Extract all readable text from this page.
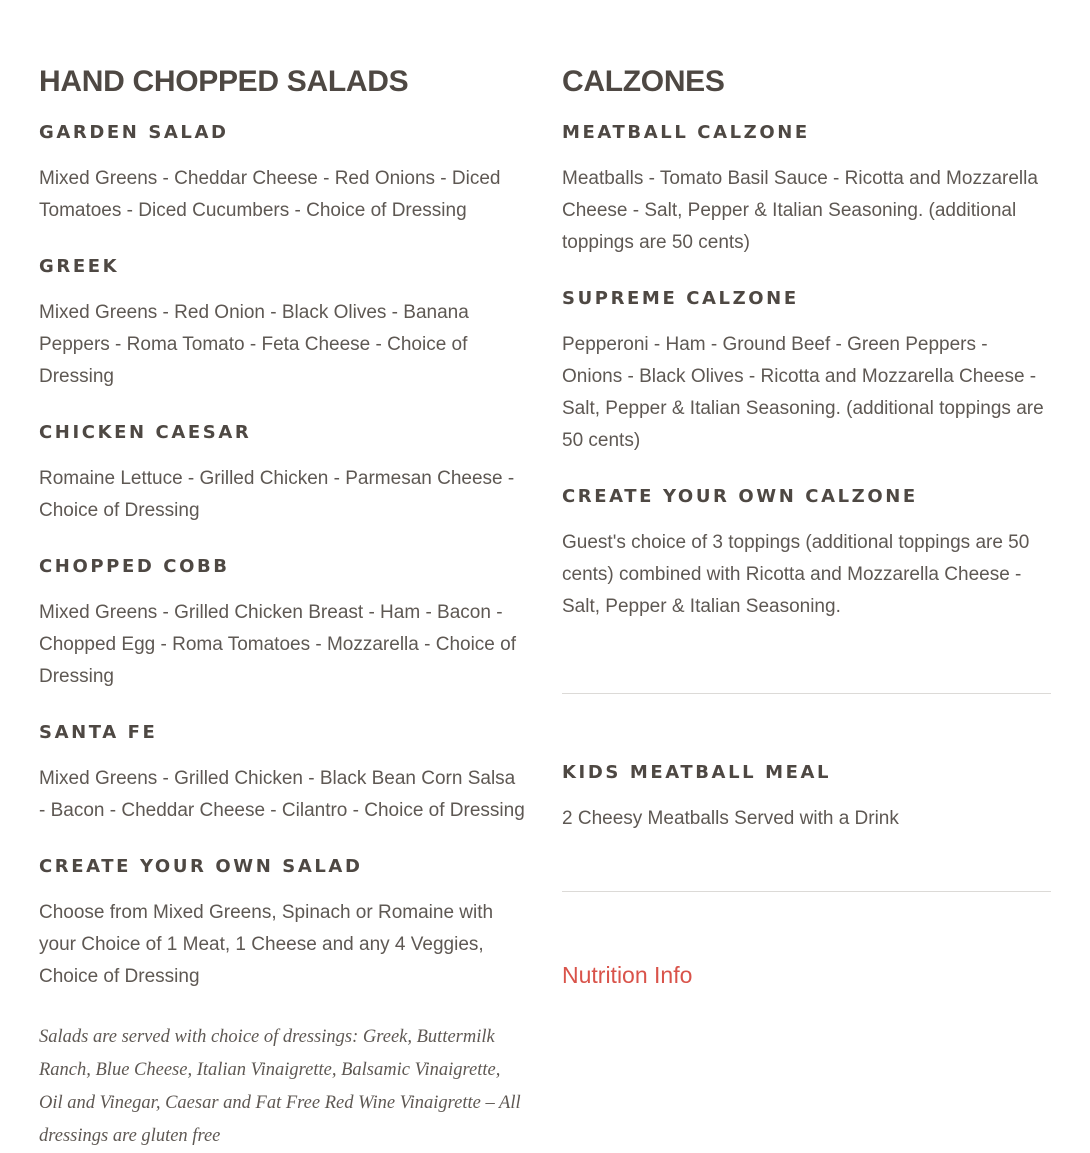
HAND CHOPPED SALADS
GARDEN SALAD

Mixed Greens - Cheddar Cheese - Red Onions - Diced Tomatoes - Diced Cucumbers - Choice of Dressing

GREEK

Mixed Greens - Red Onion - Black Olives - Banana Peppers - Roma Tomato - Feta Cheese - Choice of Dressing

CHICKEN CAESAR

Romaine Lettuce - Grilled Chicken - Parmesan Cheese - Choice of Dressing

CHOPPED COBB

Mixed Greens - Grilled Chicken Breast - Ham - Bacon - Chopped Egg - Roma Tomatoes - Mozzarella - Choice of Dressing

SANTA FE

Mixed Greens - Grilled Chicken - Black Bean Corn Salsa - Bacon - Cheddar Cheese - Cilantro - Choice of Dressing

CREATE YOUR OWN SALAD

Choose from Mixed Greens, Spinach or Romaine with your Choice of 1 Meat, 1 Cheese and any 4 Veggies, Choice of Dressing

Salads are served with choice of dressings: Greek, Buttermilk Ranch, Blue Cheese, Italian Vinaigrette, Balsamic Vinaigrette, Oil and Vinegar, Caesar and Fat Free Red Wine Vinaigrette – All dressings are gluten free

CALZONES
MEATBALL CALZONE

Meatballs - Tomato Basil Sauce - Ricotta and Mozzarella Cheese - Salt, Pepper & Italian Seasoning. (additional toppings are 50 cents)

SUPREME CALZONE

Pepperoni - Ham - Ground Beef - Green Peppers - Onions - Black Olives - Ricotta and Mozzarella Cheese - Salt, Pepper & Italian Seasoning. (additional toppings are 50 cents)

CREATE YOUR OWN CALZONE

Guest's choice of 3 toppings (additional toppings are 50 cents) combined with Ricotta and Mozzarella Cheese - Salt, Pepper & Italian Seasoning.

KIDS MEATBALL MEAL

2 Cheesy Meatballs Served with a Drink

Nutrition Info
